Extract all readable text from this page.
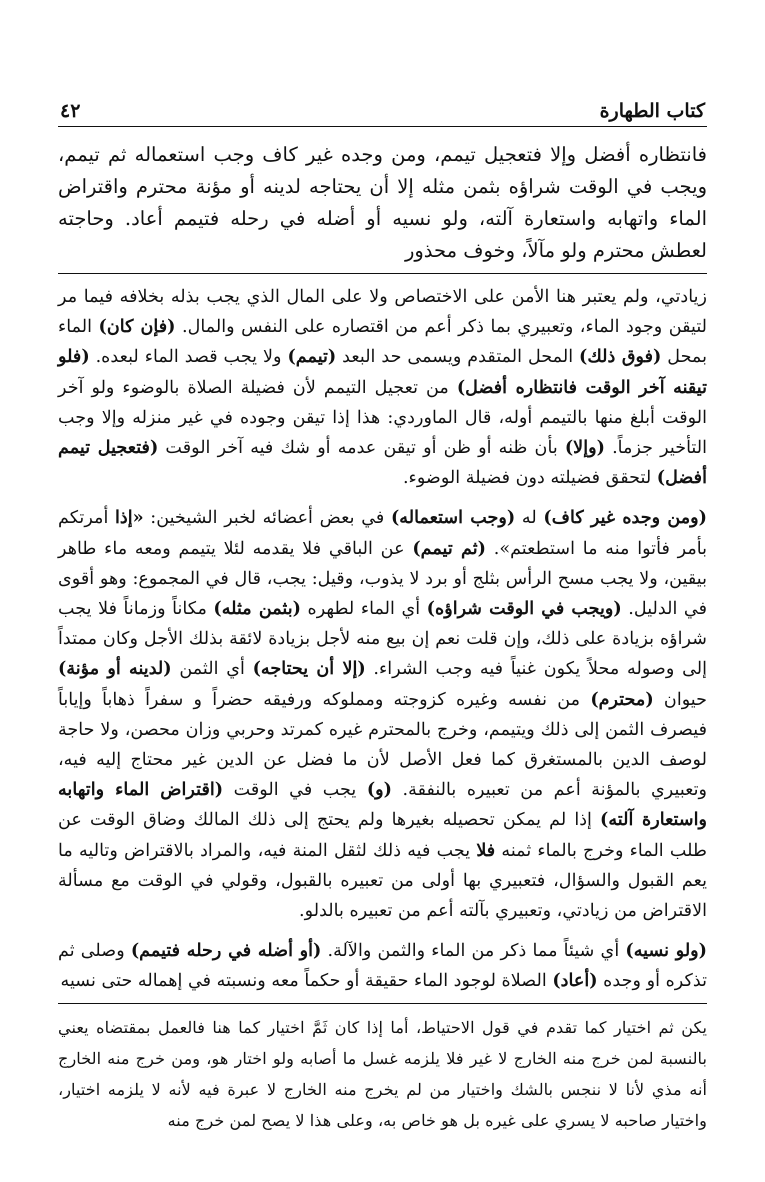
كتاب الطهارة
٤٢

فانتظاره أفضل وإلا فتعجيل تيمم، ومن وجده غير كاف وجب استعماله ثم تيمم، ويجب في الوقت شراؤه بثمن مثله إلا أن يحتاجه لدينه أو مؤنة محترم واقتراض الماء واتهابه واستعارة آلته، ولو نسيه أو أضله في رحله فتيمم أعاد. وحاجته لعطش محترم ولو مآلاً، وخوف محذور

زيادتي، ولم يعتبر هنا الأمن على الاختصاص ولا على المال الذي يجب بذله بخلافه فيما مر لتيقن وجود الماء، وتعبيري بما ذكر أعم من اقتصاره على النفس والمال. (فإن كان) الماء بمحل (فوق ذلك) المحل المتقدم ويسمى حد البعد (تيمم) ولا يجب قصد الماء لبعده. (فلو تيقنه آخر الوقت فانتظاره أفضل) من تعجيل التيمم لأن فضيلة الصلاة بالوضوء ولو آخر الوقت أبلغ منها بالتيمم أوله، قال الماوردي: هذا إذا تيقن وجوده في غير منزله وإلا وجب التأخير جزماً. (وإلا) بأن ظنه أو ظن أو تيقن عدمه أو شك فيه آخر الوقت (فتعجيل تيمم أفضل) لتحقق فضيلته دون فضيلة الوضوء.

(ومن وجده غير كاف) له (وجب استعماله) في بعض أعضائه لخبر الشيخين: «إذا أمرتكم بأمر فأتوا منه ما استطعتم». (ثم تيمم) عن الباقي فلا يقدمه لئلا يتيمم ومعه ماء طاهر بيقين، ولا يجب مسح الرأس بثلج أو برد لا يذوب، وقيل: يجب، قال في المجموع: وهو أقوى في الدليل. (ويجب في الوقت شراؤه) أي الماء لطهره (بثمن مثله) مكاناً وزماناً فلا يجب شراؤه بزيادة على ذلك، وإن قلت نعم إن بيع منه لأجل بزيادة لائقة بذلك الأجل وكان ممتداً إلى وصوله محلاً يكون غنياً فيه وجب الشراء. (إلا أن يحتاجه) أي الثمن (لدينه أو مؤنة) حيوان (محترم) من نفسه وغيره كزوجته ومملوكه ورفيقه حضراً و سفراً ذهاباً وإياباً فيصرف الثمن إلى ذلك ويتيمم، وخرج بالمحترم غيره كمرتد وحربي وزان محصن، ولا حاجة لوصف الدين بالمستغرق كما فعل الأصل لأن ما فضل عن الدين غير محتاج إليه فيه، وتعبيري بالمؤنة أعم من تعبيره بالنفقة. (و) يجب في الوقت (اقتراض الماء واتهابه واستعارة آلته) إذا لم يمكن تحصيله بغيرها ولم يحتج إلى ذلك المالك وضاق الوقت عن طلب الماء وخرج بالماء ثمنه فلا يجب فيه ذلك لثقل المنة فيه، والمراد بالاقتراض وتاليه ما يعم القبول والسؤال، فتعبيري بها أولى من تعبيره بالقبول، وقولي في الوقت مع مسألة الاقتراض من زيادتي، وتعبيري بآلته أعم من تعبيره بالدلو.

(ولو نسيه) أي شيئاً مما ذكر من الماء والثمن والآلة. (أو أضله في رحله فتيمم) وصلى ثم تذكره أو وجده (أعاد) الصلاة لوجود الماء حقيقة أو حكماً معه ونسبته في إهماله حتى نسيه

يكن ثم اختيار كما تقدم في قول الاحتياط، أما إذا كان ثَمَّ اختيار كما هنا فالعمل بمقتضاه يعني بالنسبة لمن خرج منه الخارج لا غير فلا يلزمه غسل ما أصابه ولو اختار هو، ومن خرج منه الخارج أنه مذي لأنا لا ننجس بالشك واختيار من لم يخرج منه الخارج لا عبرة فيه لأنه لا يلزمه اختيار، واختيار صاحبه لا يسري على غيره بل هو خاص به، وعلى هذا لا يصح لمن خرج منه
